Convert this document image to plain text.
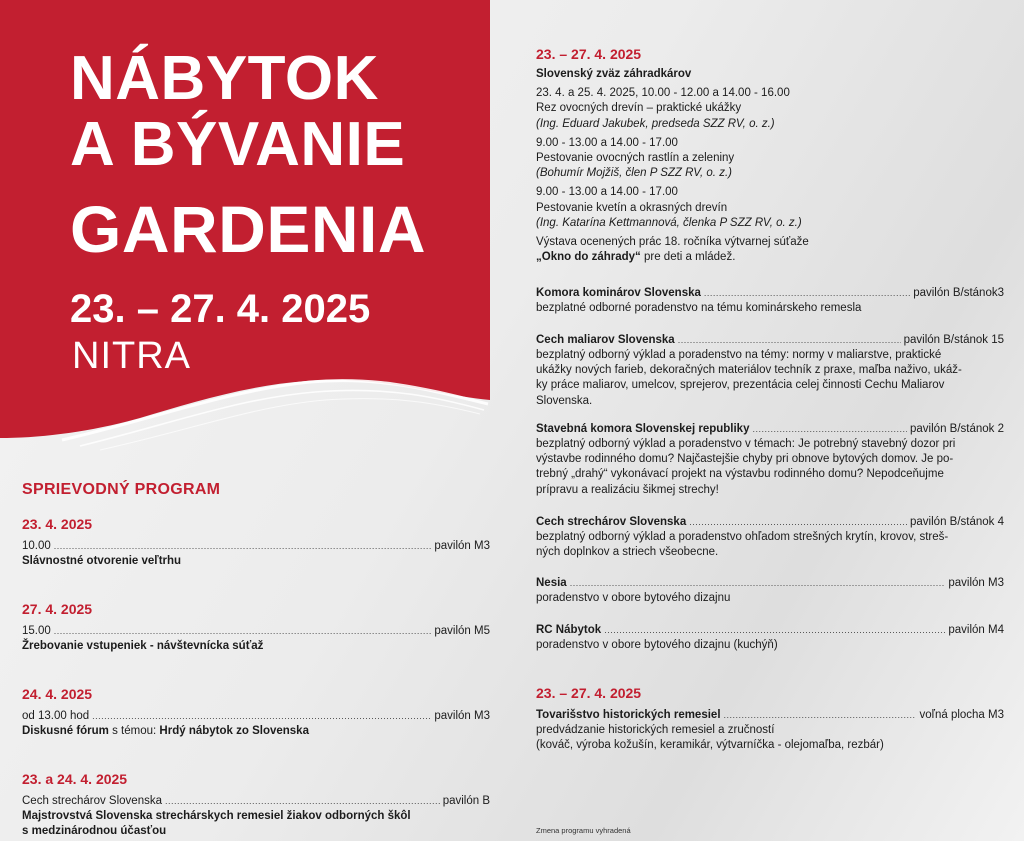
NÁBYTOK
A BÝVANIE
GARDENIA
23. – 27. 4. 2025
NITRA
SPRIEVODNÝ PROGRAM
23. 4. 2025
10.00 .....	pavilón M3
Slávnostné otvorenie veľtrhu
27. 4. 2025
15.00 .....	pavilón M5
Žrebovanie vstupeniek - návštevnícka súťaž
24. 4. 2025
od 13.00 hod .....	pavilón M3
Diskusné fórum s témou: Hrdý nábytok zo Slovenska
23. a 24. 4. 2025
Cech strechárov Slovenska .....	pavilón B
Majstrovstvá Slovenska strechárskych remesiel žiakov odborných škôl
s medzinárodnou účasťou
23. – 27. 4. 2025
Slovenský zväz záhradkárov
23. 4. a 25. 4. 2025, 10.00 - 12.00 a 14.00 - 16.00
Rez ovocných drevín – praktické ukážky
(Ing. Eduard Jakubek, predseda SZZ RV, o. z.)
9.00 - 13.00 a 14.00 - 17.00
Pestovanie ovocných rastlín a zeleniny
(Bohumír Mojžiš, člen P SZZ RV, o. z.)
9.00 - 13.00 a 14.00 - 17.00
Pestovanie kvetín a okrasných drevín
(Ing. Katarína Kettmannová, členka P SZZ RV, o. z.)
Výstava ocenených prác 18. ročníka výtvarnej súťaže
„Okno do záhrady“ pre deti a mládež.
Komora kominárov Slovenska .....	pavilón B/stánok3
bezplatné odborné poradenstvo na tému kominárskeho remesla
Cech maliarov Slovenska .....	pavilón B/stánok 15
bezplatný odborný výklad a poradenstvo na témy: normy v maliarstve, praktické
ukážky nových farieb, dekoračných materiálov techník z praxe, maľba naživo, ukáž-
ky práce maliarov, umelcov, sprejerov, prezentácia celej činnosti Cechu Maliarov
Slovenska.
Stavebná komora Slovenskej republiky .....	pavilón B/stánok 2
bezplatný odborný výklad a poradenstvo v témach: Je potrebný stavebný dozor pri
výstavbe rodinného domu? Najčastejšie chyby pri obnove bytových domov. Je po-
trebný „drahý“ vykonávací projekt na výstavbu rodinného domu? Nepodceňujme
prípravu a realizáciu šikmej strechy!
Cech strechárov Slovenska .....	pavilón B/stánok 4
bezplatný odborný výklad a poradenstvo ohľadom strešných krytín, krovov, streš-
ných doplnkov a striech všeobecne.
Nesia .....	pavilón M3
poradenstvo v obore bytového dizajnu
RC Nábytok .....	pavilón M4
poradenstvo v obore bytového dizajnu (kuchýň)
23. – 27. 4. 2025
Tovarišstvo historických remesiel .....	voľná plocha M3
predvádzanie historických remesiel a zručností
(kováč, výroba kožušín, keramikár, výtvarníčka - olejomaľba, rezbár)
Zmena programu vyhradená
